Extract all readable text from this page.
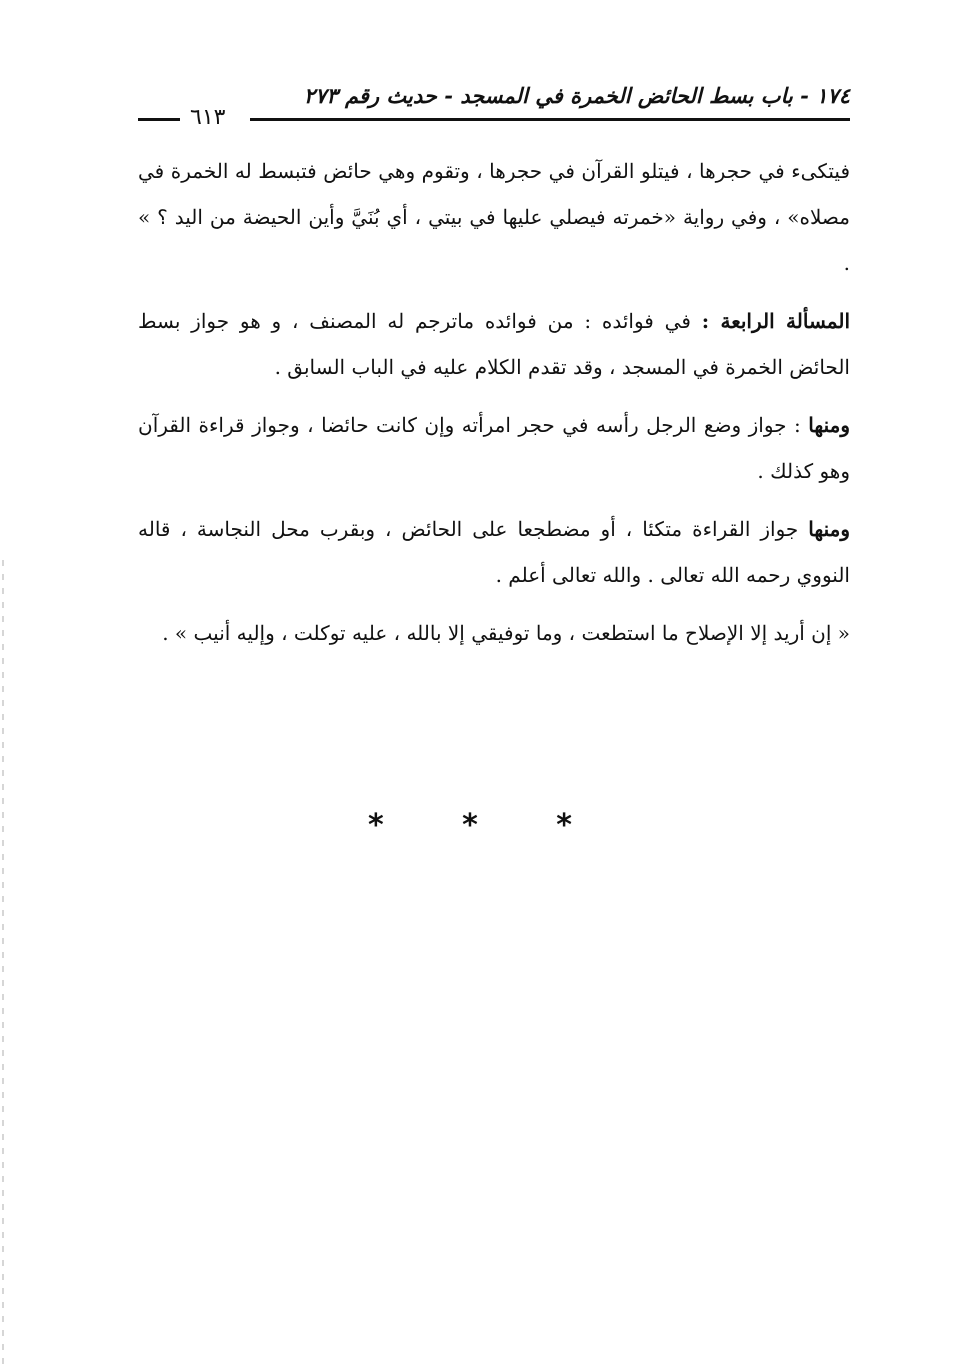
١٧٤ - باب بسط الحائض الخمرة في المسجد - حديث رقم ٢٧٣
٦١٣

فيتكىء في حجرها ، فيتلو القرآن في حجرها ، وتقوم وهي حائض فتبسط له الخمرة في مصلاه» ، وفي رواية «خمرته فيصلي عليها في بيتي ، أي بُنَيَّ وأين الحيضة من اليد ؟ » .

المسألة الرابعة : في فوائده : من فوائده ماترجم له المصنف ، و هو جواز بسط الحائض الخمرة في المسجد ، وقد تقدم الكلام عليه في الباب السابق .

ومنها : جواز وضع الرجل رأسه في حجر امرأته وإن كانت حائضا ، وجواز قراءة القرآن وهو كذلك .

ومنها جواز القراءة متكئا ، أو مضطجعا على الحائض ، وبقرب محل النجاسة ، قاله النووي رحمه الله تعالى . والله تعالى أعلم .

« إن أريد إلا الإصلاح ما استطعت ، وما توفيقي إلا بالله ، عليه توكلت ، وإليه أنيب » .

* * *
